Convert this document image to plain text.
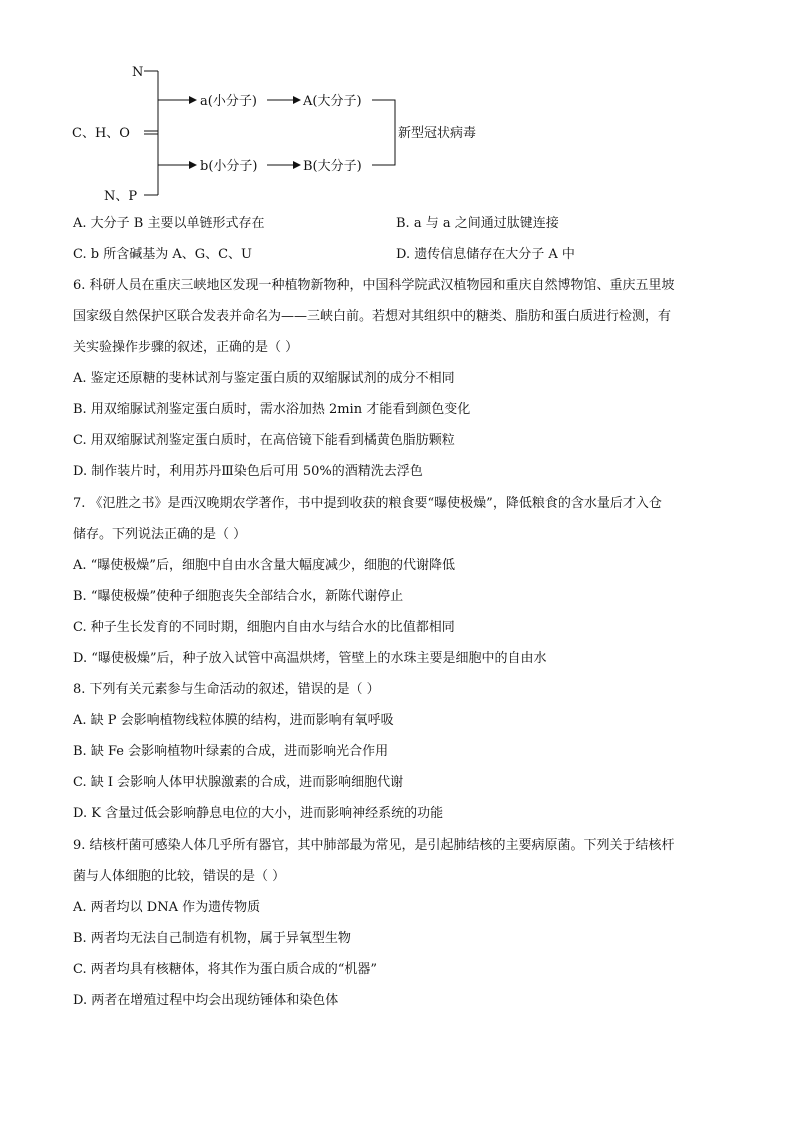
N
C、H、O
N、P
a(小分子)	A(大分子)
b(小分子)	B(大分子)
新型冠状病毒
A. 大分子 B 主要以单链形式存在	B. a 与 a 之间通过肽键连接
C. b 所含碱基为 A、G、C、U	D. 遗传信息储存在大分子 A 中
6. 科研人员在重庆三峡地区发现一种植物新物种，中国科学院武汉植物园和重庆自然博物馆、重庆五里坡
国家级自然保护区联合发表并命名为——三峡白前。若想对其组织中的糖类、脂肪和蛋白质进行检测，有
关实验操作步骤的叙述，正确的是（ ）
A. 鉴定还原糖的斐林试剂与鉴定蛋白质的双缩脲试剂的成分不相同
B. 用双缩脲试剂鉴定蛋白质时，需水浴加热 2min 才能看到颜色变化
C. 用双缩脲试剂鉴定蛋白质时，在高倍镜下能看到橘黄色脂肪颗粒
D. 制作装片时，利用苏丹Ⅲ染色后可用 50%的酒精洗去浮色
7. 《氾胜之书》是西汉晚期农学著作，书中提到收获的粮食要“曝使极燥”，降低粮食的含水量后才入仓
储存。下列说法正确的是（ ）
A. “曝使极燥”后，细胞中自由水含量大幅度减少，细胞的代谢降低
B. “曝使极燥”使种子细胞丧失全部结合水，新陈代谢停止
C. 种子生长发育的不同时期，细胞内自由水与结合水的比值都相同
D. “曝使极燥”后，种子放入试管中高温烘烤，管壁上的水珠主要是细胞中的自由水
8. 下列有关元素参与生命活动的叙述，错误的是（ ）
A. 缺 P 会影响植物线粒体膜的结构，进而影响有氧呼吸
B. 缺 Fe 会影响植物叶绿素的合成，进而影响光合作用
C. 缺 I 会影响人体甲状腺激素的合成，进而影响细胞代谢
D. K 含量过低会影响静息电位的大小，进而影响神经系统的功能
9. 结核杆菌可感染人体几乎所有器官，其中肺部最为常见，是引起肺结核的主要病原菌。下列关于结核杆
菌与人体细胞的比较，错误的是（ ）
A. 两者均以 DNA 作为遗传物质
B. 两者均无法自己制造有机物，属于异氧型生物
C. 两者均具有核糖体，将其作为蛋白质合成的“机器”
D. 两者在增殖过程中均会出现纺锤体和染色体
